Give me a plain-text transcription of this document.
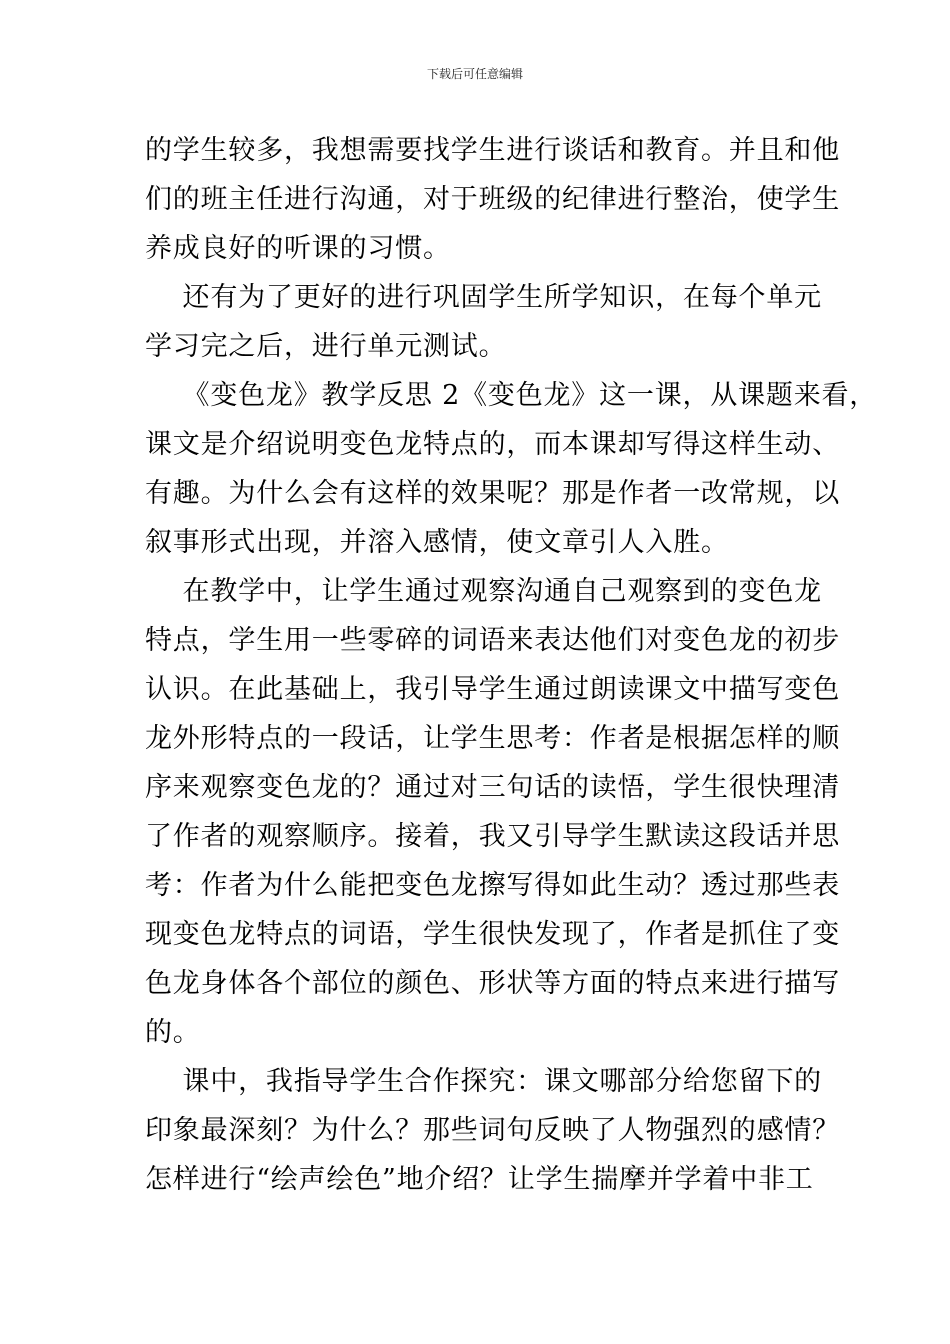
下载后可任意编辑
的学生较多，我想需要找学生进行谈话和教育。并且和他
们的班主任进行沟通，对于班级的纪律进行整治，使学生
养成良好的听课的习惯。
还有为了更好的进行巩固学生所学知识，在每个单元
学习完之后，进行单元测试。
《变色龙》教学反思 2《变色龙》这一课，从课题来看，
课文是介绍说明变色龙特点的，而本课却写得这样生动、
有趣。为什么会有这样的效果呢？那是作者一改常规，以
叙事形式出现，并溶入感情，使文章引人入胜。
在教学中，让学生通过观察沟通自己观察到的变色龙
特点，学生用一些零碎的词语来表达他们对变色龙的初步
认识。在此基础上，我引导学生通过朗读课文中描写变色
龙外形特点的一段话，让学生思考：作者是根据怎样的顺
序来观察变色龙的？通过对三句话的读悟，学生很快理清
了作者的观察顺序。接着，我又引导学生默读这段话并思
考：作者为什么能把变色龙擦写得如此生动？透过那些表
现变色龙特点的词语，学生很快发现了，作者是抓住了变
色龙身体各个部位的颜色、形状等方面的特点来进行描写
的。
课中，我指导学生合作探究：课文哪部分给您留下的
印象最深刻？为什么？那些词句反映了人物强烈的感情？
怎样进行“绘声绘色”地介绍？让学生揣摩并学着中非工
